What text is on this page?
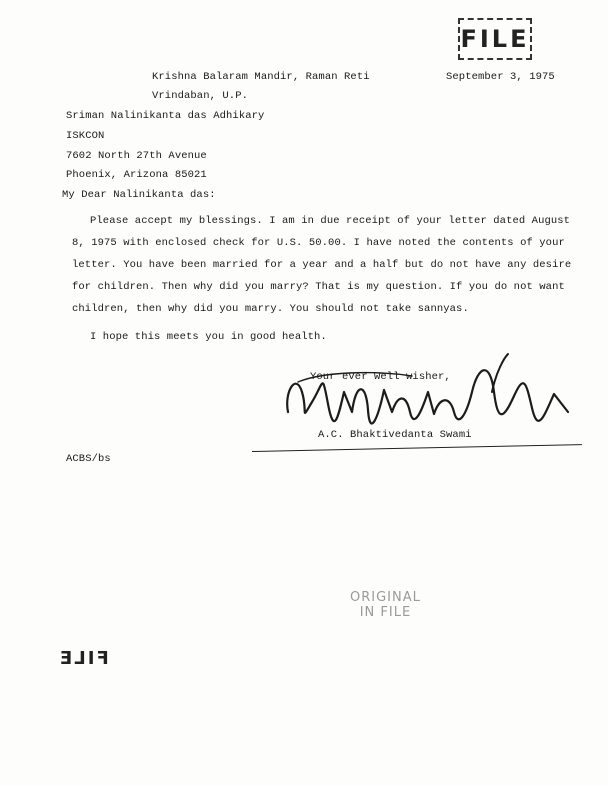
FILE
Krishna Balaram Mandir, Raman Reti	September 3, 1975
Vrindaban, U.P.
Sriman Nalinikanta das Adhikary
ISKCON
7602 North 27th Avenue
Phoenix, Arizona 85021
My Dear Nalinikanta das:

Please accept my blessings. I am in due receipt of your letter dated August 8, 1975 with enclosed check for U.S. 50.00. I have noted the contents of your letter. You have been married for a year and a half but do not have any desire for children. Then why did you marry? That is my question. If you do not want children, then why did you marry. You should not take sannyas.

I hope this meets you in good health.

Your ever well wisher,
A.C. Bhaktivedanta Swami
ACBS/bs
ORIGINAL
IN FILE
FILE
